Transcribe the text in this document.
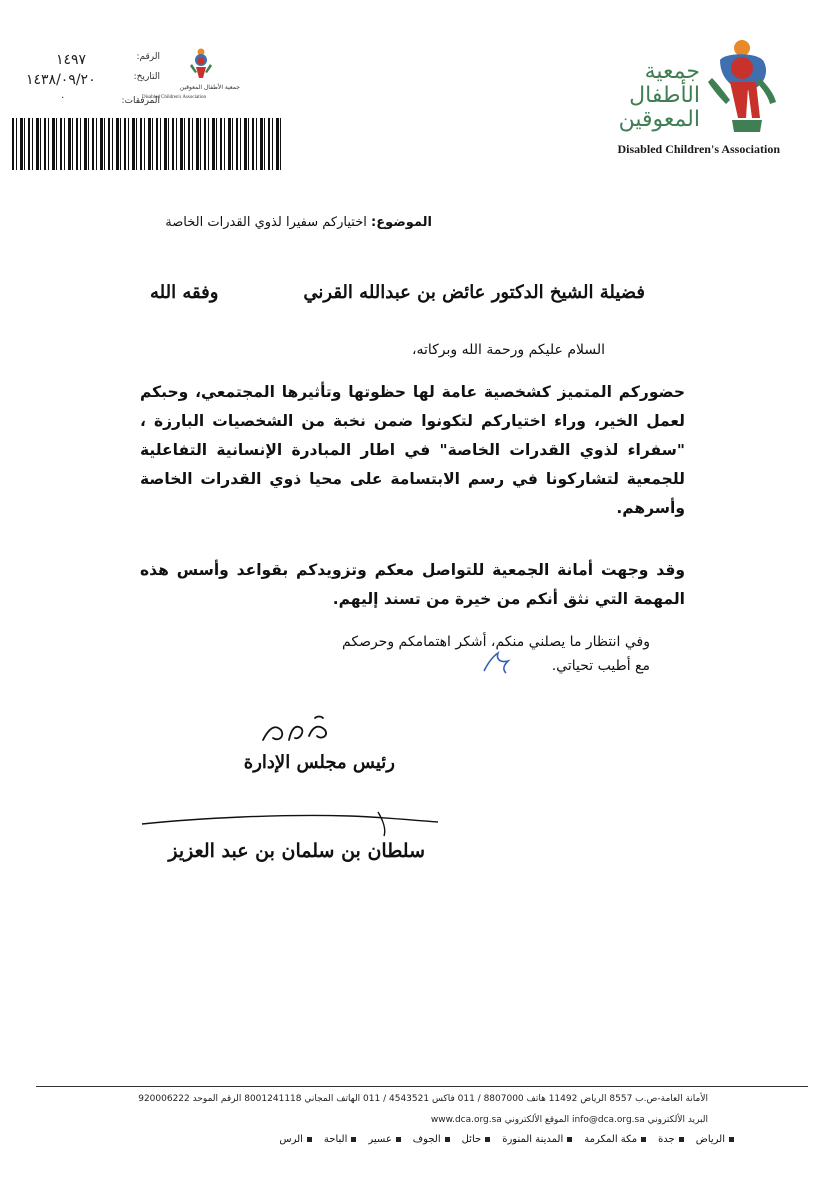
جمعية
الأطفال
المعوقين
Disabled Children's Association
جمعية الأطفال المعوقين
Disabled Children's Association
الرقم:
١٤٩٧
التاريخ:
١٤٣٨/٠٩/٢٠
المرفقات:
٠
الموضوع: اختياركم سفيرا لذوي القدرات الخاصة
فضيلة الشيخ الدكتور عائض بن عبدالله القرني
وفقه الله
السلام عليكم ورحمة الله وبركاته،
حضوركم المتميز كشخصية عامة لها حظوتها وتأثيرها المجتمعي، وحبكم لعمل الخير، وراء اختياركم لتكونوا ضمن نخبة من الشخصيات البارزة ، "سفراء لذوي القدرات الخاصة" في اطار المبادرة الإنسانية التفاعلية للجمعية لتشاركونا في رسم الابتسامة على محيا ذوي القدرات الخاصة وأسرهم.
وقد وجهت أمانة الجمعية للتواصل معكم وتزويدكم بقواعد وأسس هذه المهمة التي نثق أنكم من خيرة من تسند إليهم.
وفي انتظار ما يصلني منكم، أشكر اهتمامكم وحرصكم
مع أطيب تحياتي.
رئيس مجلس الإدارة
سلطان بن سلمان بن عبد العزيز
الأمانة العامة-ص.ب 8557 الرياض 11492 هاتف 8807000 / 011 فاكس 4543521 / 011 الهاتف المجاني 8001241118 الرقم الموحد 920006222
البريد الألكتروني info@dca.org.sa الموقع الألكتروني www.dca.org.sa
الرياض
جدة
مكة المكرمة
المدينة المنورة
حائل
الجوف
عسير
الباحة
الرس
